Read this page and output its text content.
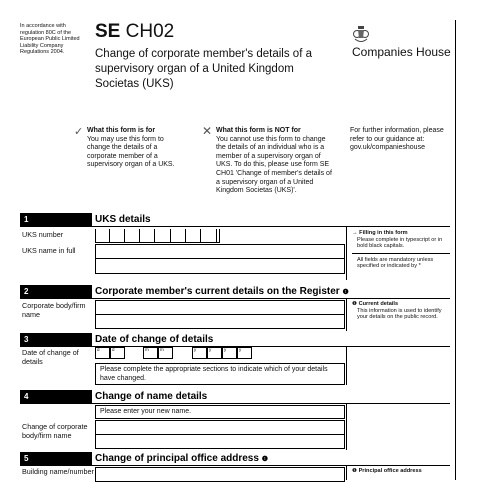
In accordance with regulation 80C of the European Public Limited Liability Company Regulations 2004.
SE CH02
Change of corporate member's details of a supervisory organ of a United Kingdom Societas (UKS)
Companies House
✓ What this form is for
You may use this form to change the details of a corporate member of a supervisory organ of a UKS.
✕ What this form is NOT for
You cannot use this form to change the details of an individual who is a member of a supervisory organ of UKS. To do this, please use form SE CH01 'Change of member's details of a supervisory organ of a United Kingdom Societas (UKS)'.
For further information, please refer to our guidance at: gov.uk/companieshouse
1	UKS details
UKS number
UKS name in full
→ Filling in this form
Please complete in typescript or in bold black capitals.
All fields are mandatory unless specified or indicated by *
2	Corporate member's current details on the Register ❶
Corporate body/firm name
❶ Current details
This information is used to identify your details on the public record.
3	Date of change of details
Date of change of details
d	d	m	m	y	y	y	y
Please complete the appropriate sections to indicate which of your details have changed.
4	Change of name details
Please enter your new name.
Change of corporate body/firm name
5	Change of principal office address ❶
Building name/number	❶ Principal office address
